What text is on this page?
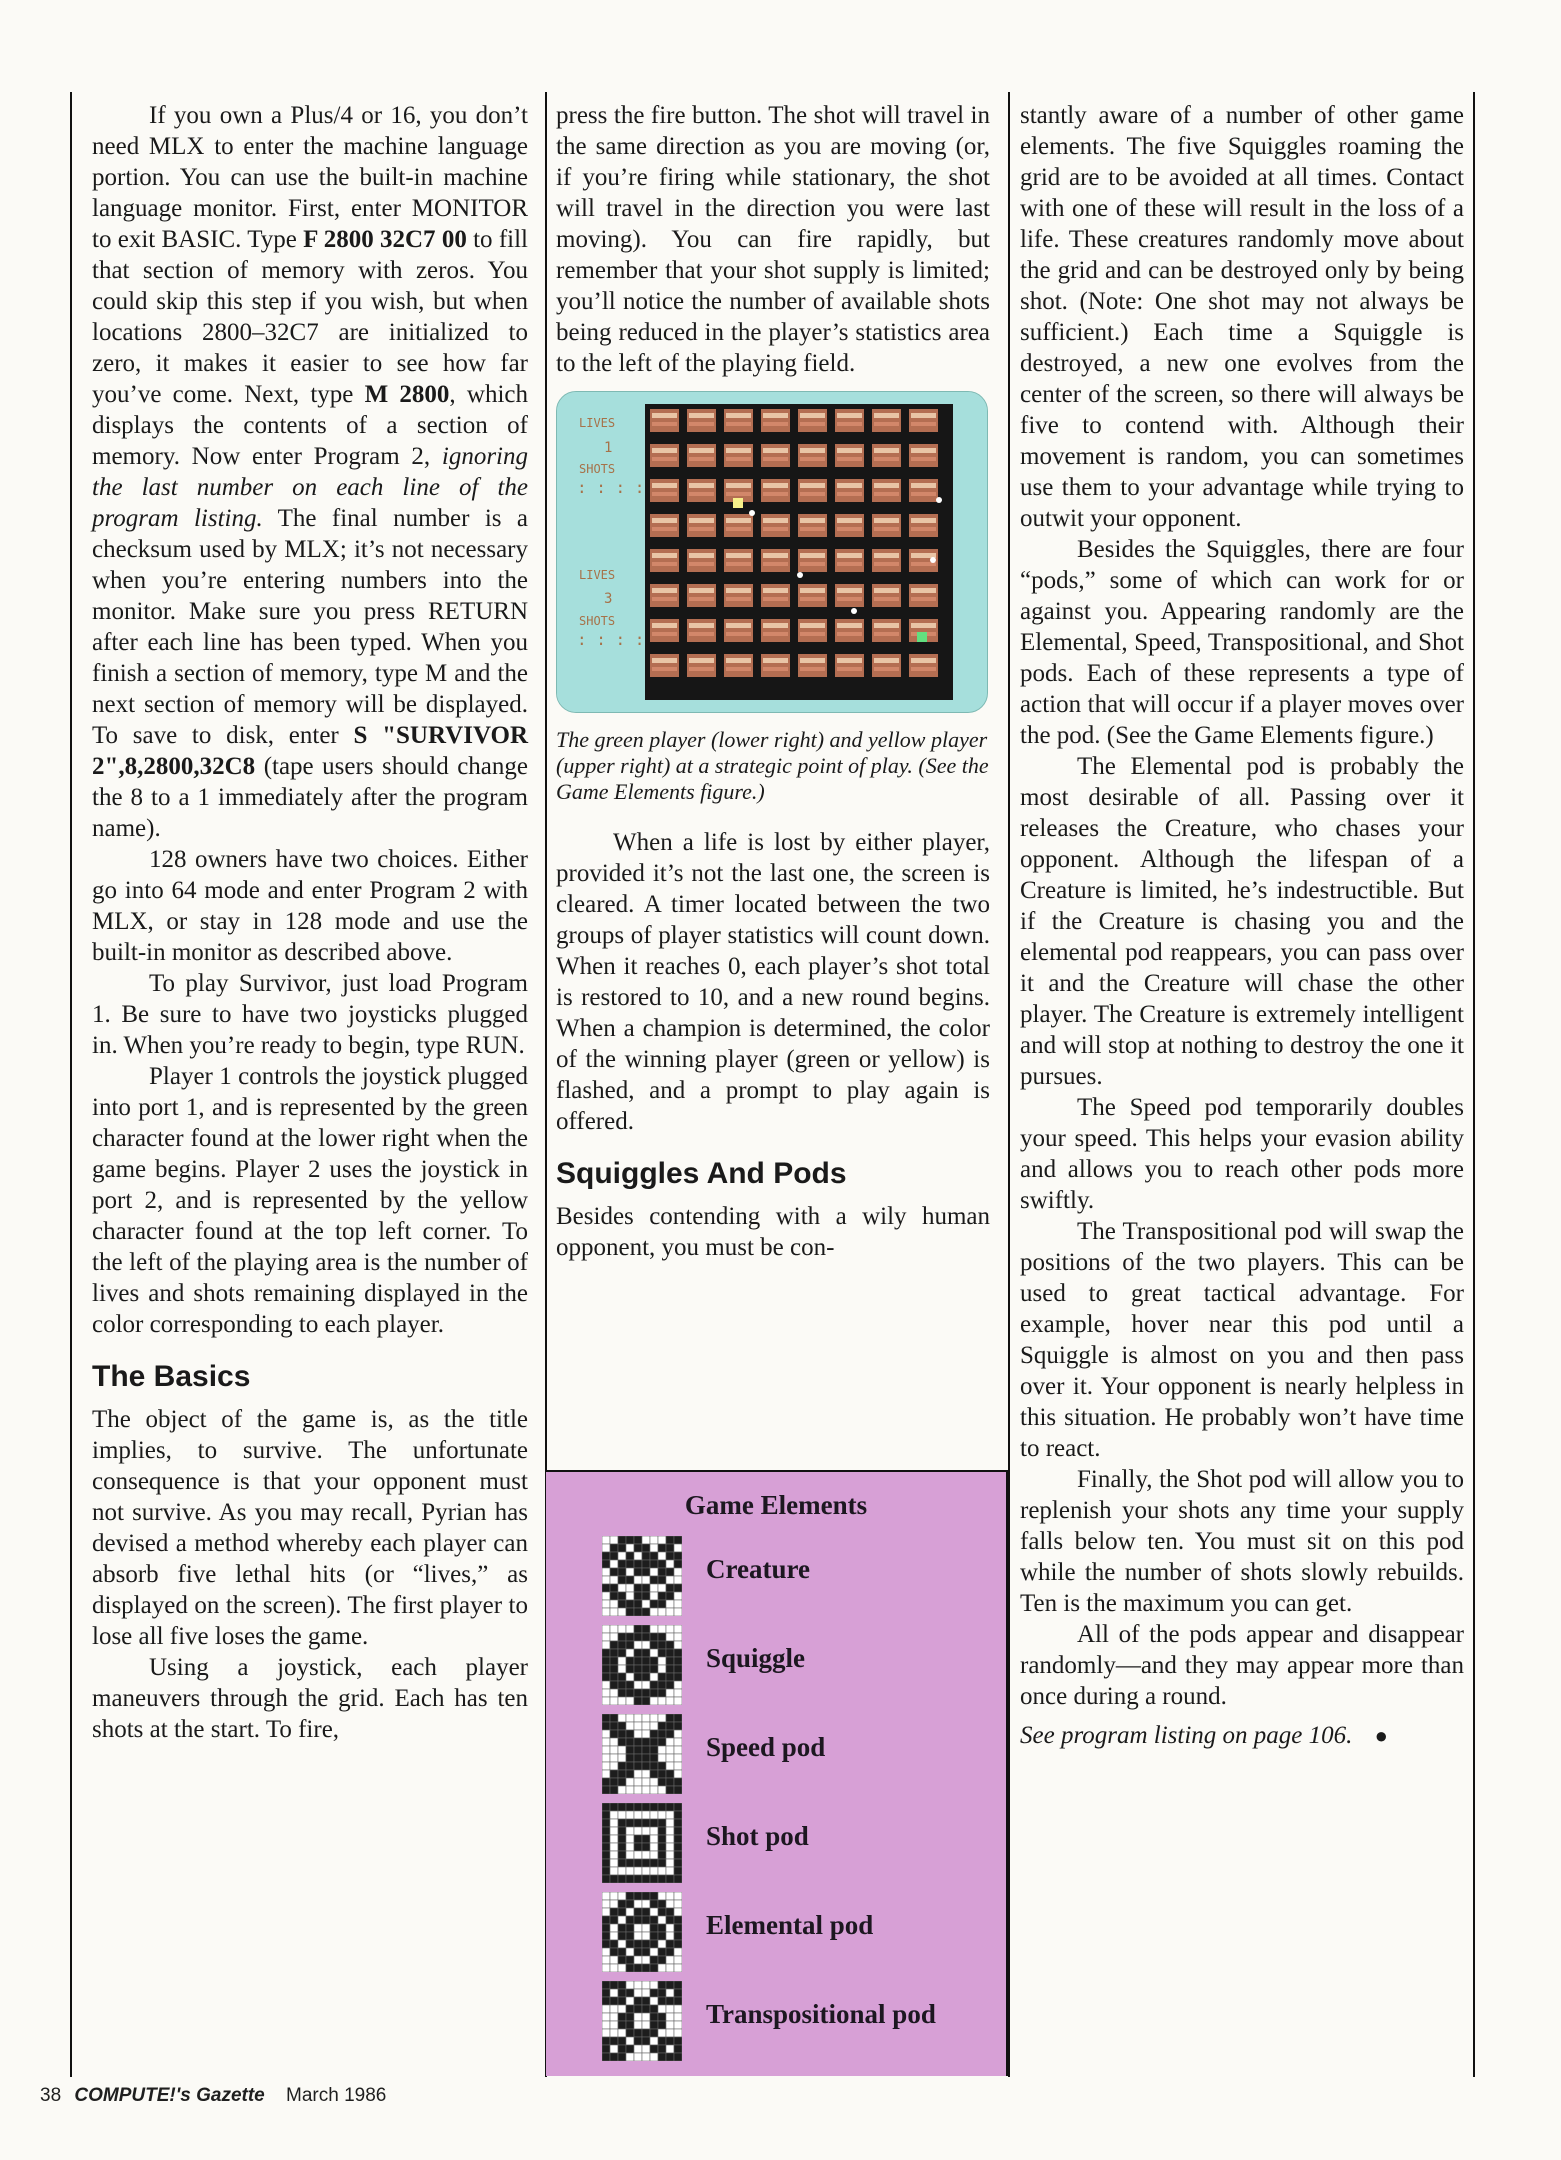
If you own a Plus/4 or 16, you don’t need MLX to enter the machine language portion. You can use the built-in machine language monitor. First, enter MONITOR to exit BASIC. Type F 2800 32C7 00 to fill that section of memory with zeros. You could skip this step if you wish, but when locations 2800–32C7 are initialized to zero, it makes it easier to see how far you’ve come. Next, type M 2800, which displays the contents of a section of memory. Now enter Program 2, ignoring the last number on each line of the program listing. The final number is a checksum used by MLX; it’s not necessary when you’re entering numbers into the monitor. Make sure you press RETURN after each line has been typed. When you finish a section of memory, type M and the next section of memory will be displayed. To save to disk, enter S "SURVIVOR 2",8,2800,32C8 (tape users should change the 8 to a 1 immediately after the program name).

128 owners have two choices. Either go into 64 mode and enter Program 2 with MLX, or stay in 128 mode and use the built-in monitor as described above.

To play Survivor, just load Program 1. Be sure to have two joysticks plugged in. When you’re ready to begin, type RUN.

Player 1 controls the joystick plugged into port 1, and is represented by the green character found at the lower right when the game begins. Player 2 uses the joystick in port 2, and is represented by the yellow character found at the top left corner. To the left of the playing area is the number of lives and shots remaining displayed in the color corresponding to each player.

The Basics

The object of the game is, as the title implies, to survive. The unfortunate consequence is that your opponent must not survive. As you may recall, Pyrian has devised a method whereby each player can absorb five lethal hits (or “lives,” as displayed on the screen). The first player to lose all five loses the game.

Using a joystick, each player maneuvers through the grid. Each has ten shots at the start. To fire,

press the fire button. The shot will travel in the same direction as you are moving (or, if you’re firing while stationary, the shot will travel in the direction you were last moving). You can fire rapidly, but remember that your shot supply is limited; you’ll notice the number of available shots being reduced in the player’s statistics area to the left of the playing field.

LIVES
1
SHOTS
: : : :
LIVES
3
SHOTS
: : : :
The green player (lower right) and yellow player (upper right) at a strategic point of play. (See the Game Elements figure.)

When a life is lost by either player, provided it’s not the last one, the screen is cleared. A timer located between the two groups of player statistics will count down. When it reaches 0, each player’s shot total is restored to 10, and a new round begins. When a champion is determined, the color of the winning player (green or yellow) is flashed, and a prompt to play again is offered.

Squiggles And Pods

Besides contending with a wily human opponent, you must be con-

Game Elements
Creature
Squiggle
Speed pod
Shot pod
Elemental pod
Transpositional pod

stantly aware of a number of other game elements. The five Squiggles roaming the grid are to be avoided at all times. Contact with one of these will result in the loss of a life. These creatures randomly move about the grid and can be destroyed only by being shot. (Note: One shot may not always be sufficient.) Each time a Squiggle is destroyed, a new one evolves from the center of the screen, so there will always be five to contend with. Although their movement is random, you can sometimes use them to your advantage while trying to outwit your opponent.

Besides the Squiggles, there are four “pods,” some of which can work for or against you. Appearing randomly are the Elemental, Speed, Transpositional, and Shot pods. Each of these represents a type of action that will occur if a player moves over the pod. (See the Game Elements figure.)

The Elemental pod is probably the most desirable of all. Passing over it releases the Creature, who chases your opponent. Although the lifespan of a Creature is limited, he’s indestructible. But if the Creature is chasing you and the elemental pod reappears, you can pass over it and the Creature will chase the other player. The Creature is extremely intelligent and will stop at nothing to destroy the one it pursues.

The Speed pod temporarily doubles your speed. This helps your evasion ability and allows you to reach other pods more swiftly.

The Transpositional pod will swap the positions of the two players. This can be used to great tactical advantage. For example, hover near this pod until a Squiggle is almost on you and then pass over it. Your opponent is nearly helpless in this situation. He probably won’t have time to react.

Finally, the Shot pod will allow you to replenish your shots any time your supply falls below ten. You must sit on this pod while the number of shots slowly rebuilds. Ten is the maximum you can get.

All of the pods appear and disappear randomly—and they may appear more than once during a round.

See program listing on page 106. ●

38 COMPUTE!'s Gazette March 1986
